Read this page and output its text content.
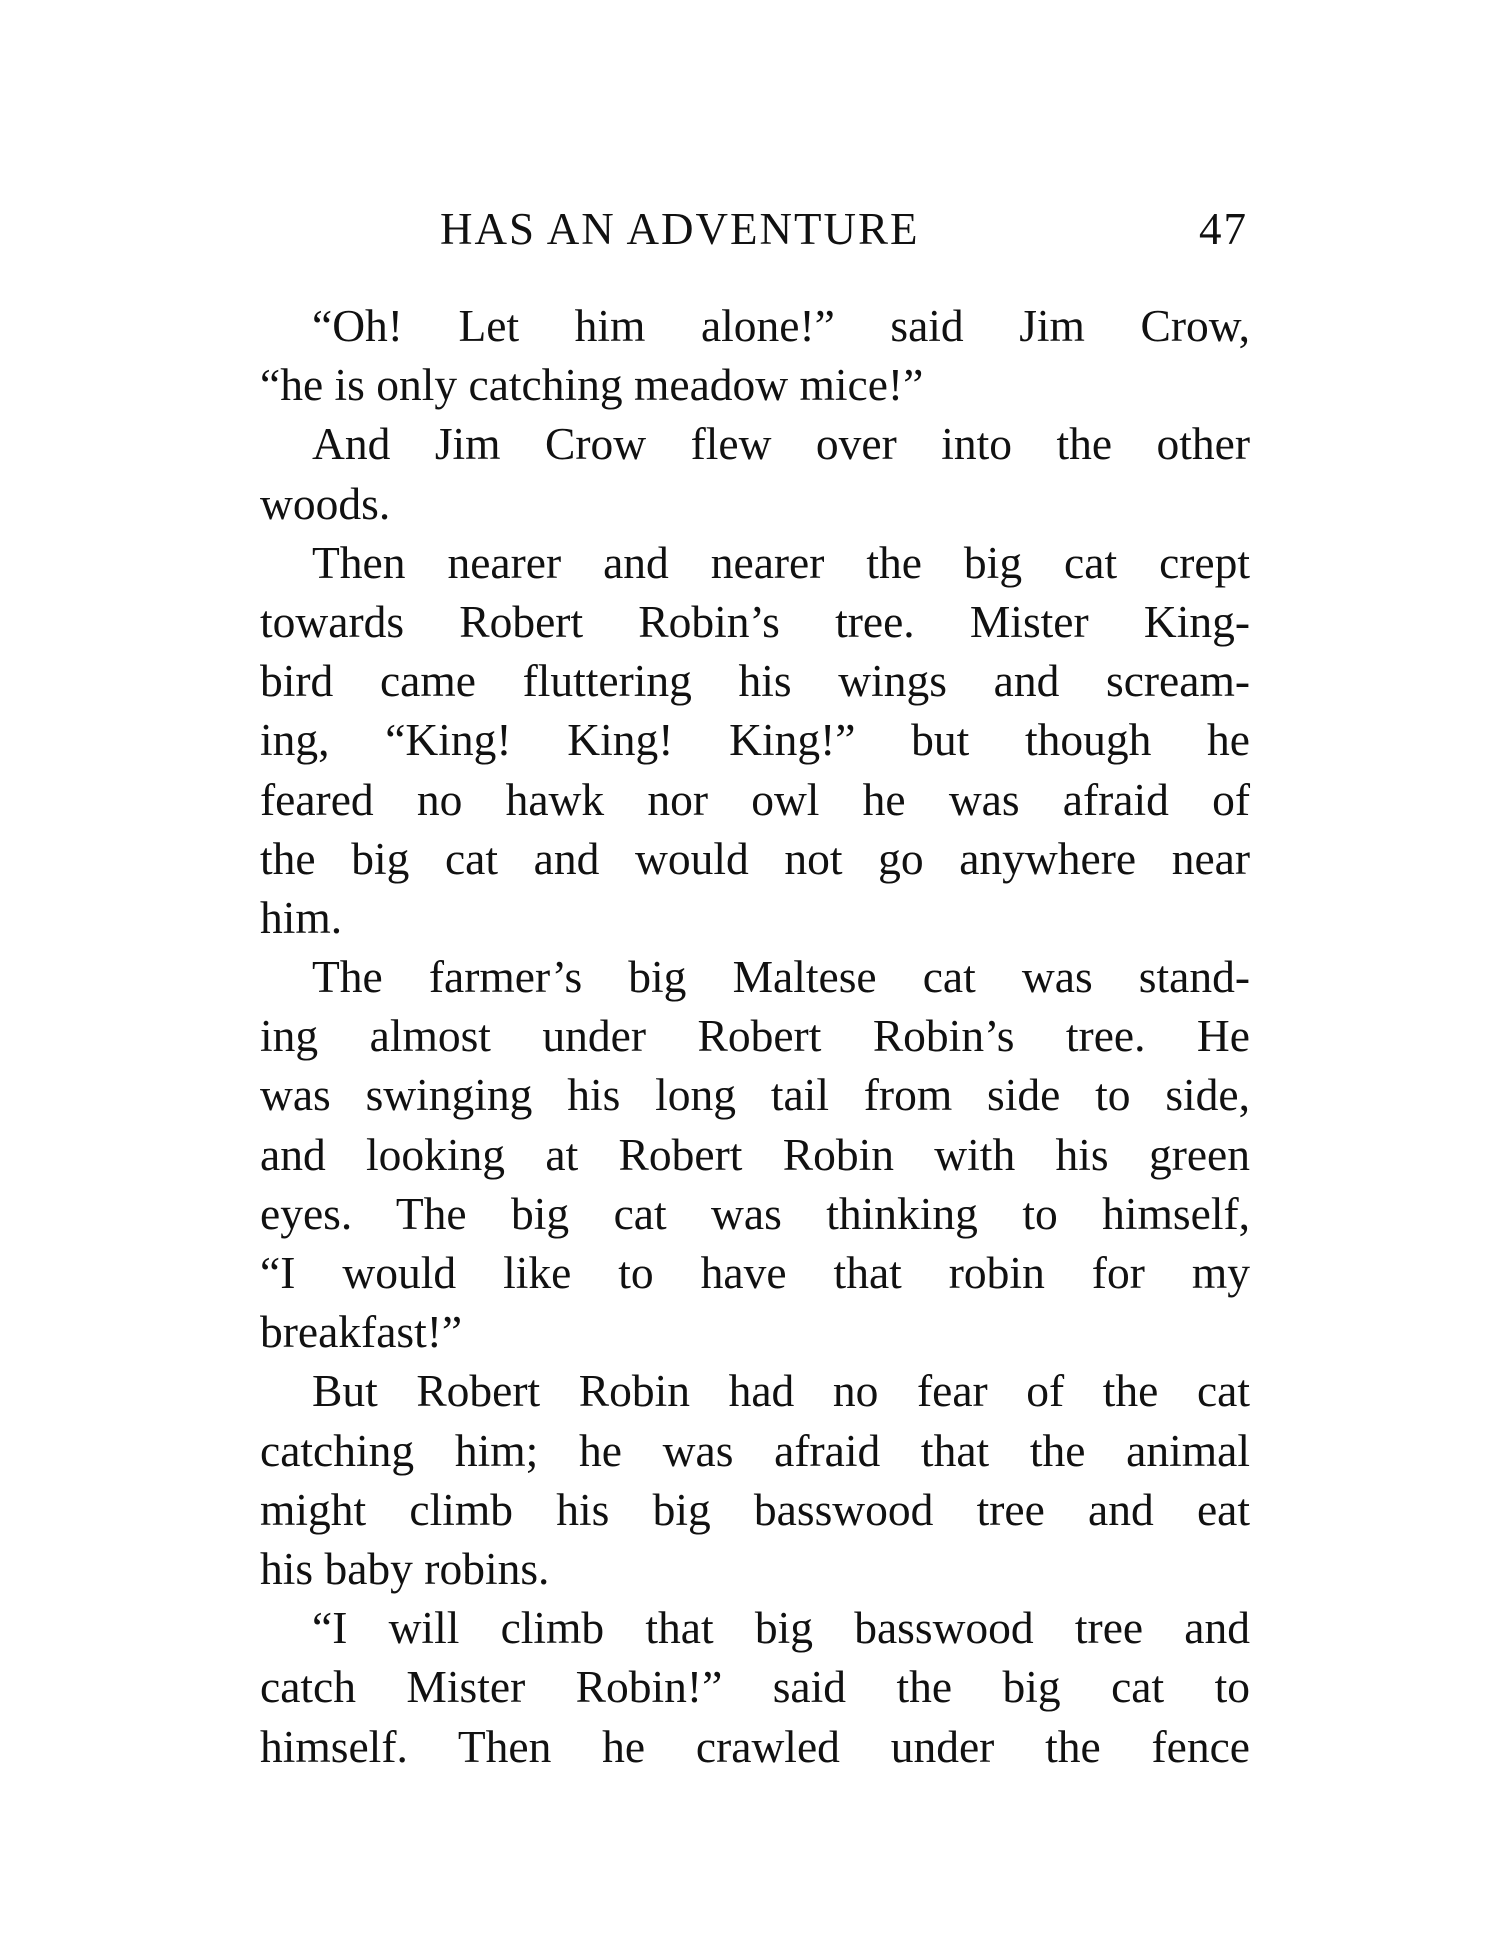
HAS AN ADVENTURE	47
“Oh! Let him alone!” said Jim Crow,
“he is only catching meadow mice!”
And Jim Crow flew over into the other
woods.
Then nearer and nearer the big cat crept
towards Robert Robin’s tree. Mister King-
bird came fluttering his wings and scream-
ing, “King! King! King!” but though he
feared no hawk nor owl he was afraid of
the big cat and would not go anywhere near
him.
The farmer’s big Maltese cat was stand-
ing almost under Robert Robin’s tree. He
was swinging his long tail from side to side,
and looking at Robert Robin with his green
eyes. The big cat was thinking to himself,
“I would like to have that robin for my
breakfast!”
But Robert Robin had no fear of the cat
catching him; he was afraid that the animal
might climb his big basswood tree and eat
his baby robins.
“I will climb that big basswood tree and
catch Mister Robin!” said the big cat to
himself. Then he crawled under the fence
